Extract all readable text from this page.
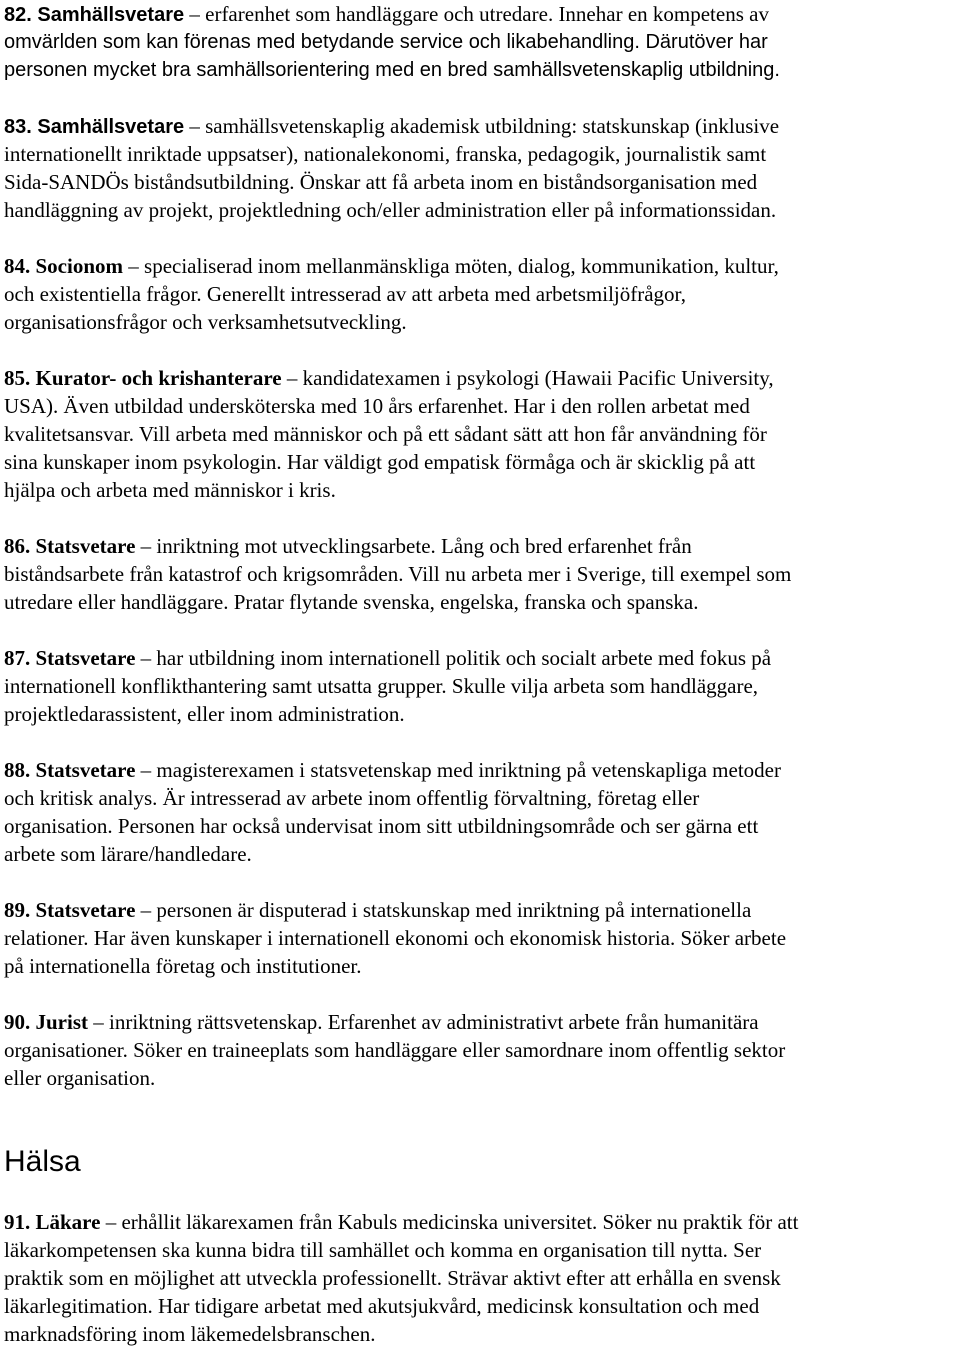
82. Samhällsvetare – erfarenhet som handläggare och utredare. Innehar en kompetens av
omvärlden som kan förenas med betydande service och likabehandling. Därutöver har
personen mycket bra samhällsorientering med en bred samhällsvetenskaplig utbildning.
83. Samhällsvetare – samhällsvetenskaplig akademisk utbildning: statskunskap (inklusive
internationellt inriktade uppsatser), nationalekonomi, franska, pedagogik, journalistik samt
Sida-SANDÖs biståndsutbildning. Önskar att få arbeta inom en biståndsorganisation med
handläggning av projekt, projektledning och/eller administration eller på informationssidan.
84. Socionom – specialiserad inom mellanmänskliga möten, dialog, kommunikation, kultur,
och existentiella frågor. Generellt intresserad av att arbeta med arbetsmiljöfrågor,
organisationsfrågor och verksamhetsutveckling.
85. Kurator- och krishanterare – kandidatexamen i psykologi (Hawaii Pacific University,
USA). Även utbildad undersköterska med 10 års erfarenhet. Har i den rollen arbetat med
kvalitetsansvar. Vill arbeta med människor och på ett sådant sätt att hon får användning för
sina kunskaper inom psykologin. Har väldigt god empatisk förmåga och är skicklig på att
hjälpa och arbeta med människor i kris.
86. Statsvetare – inriktning mot utvecklingsarbete. Lång och bred erfarenhet från
biståndsarbete från katastrof och krigsområden. Vill nu arbeta mer i Sverige, till exempel som
utredare eller handläggare. Pratar flytande svenska, engelska, franska och spanska.
87. Statsvetare – har utbildning inom internationell politik och socialt arbete med fokus på
internationell konflikthantering samt utsatta grupper. Skulle vilja arbeta som handläggare,
projektledarassistent, eller inom administration.
88. Statsvetare – magisterexamen i statsvetenskap med inriktning på vetenskapliga metoder
och kritisk analys. Är intresserad av arbete inom offentlig förvaltning, företag eller
organisation. Personen har också undervisat inom sitt utbildningsområde och ser gärna ett
arbete som lärare/handledare.
89. Statsvetare – personen är disputerad i statskunskap med inriktning på internationella
relationer. Har även kunskaper i internationell ekonomi och ekonomisk historia. Söker arbete
på internationella företag och institutioner.
90. Jurist – inriktning rättsvetenskap. Erfarenhet av administrativt arbete från humanitära
organisationer. Söker en traineeplats som handläggare eller samordnare inom offentlig sektor
eller organisation.
Hälsa
91. Läkare – erhållit läkarexamen från Kabuls medicinska universitet. Söker nu praktik för att
läkarkompetensen ska kunna bidra till samhället och komma en organisation till nytta. Ser
praktik som en möjlighet att utveckla professionellt. Strävar aktivt efter att erhålla en svensk
läkarlegitimation. Har tidigare arbetat med akutsjukvård, medicinsk konsultation och med
marknadsföring inom läkemedelsbranschen.
